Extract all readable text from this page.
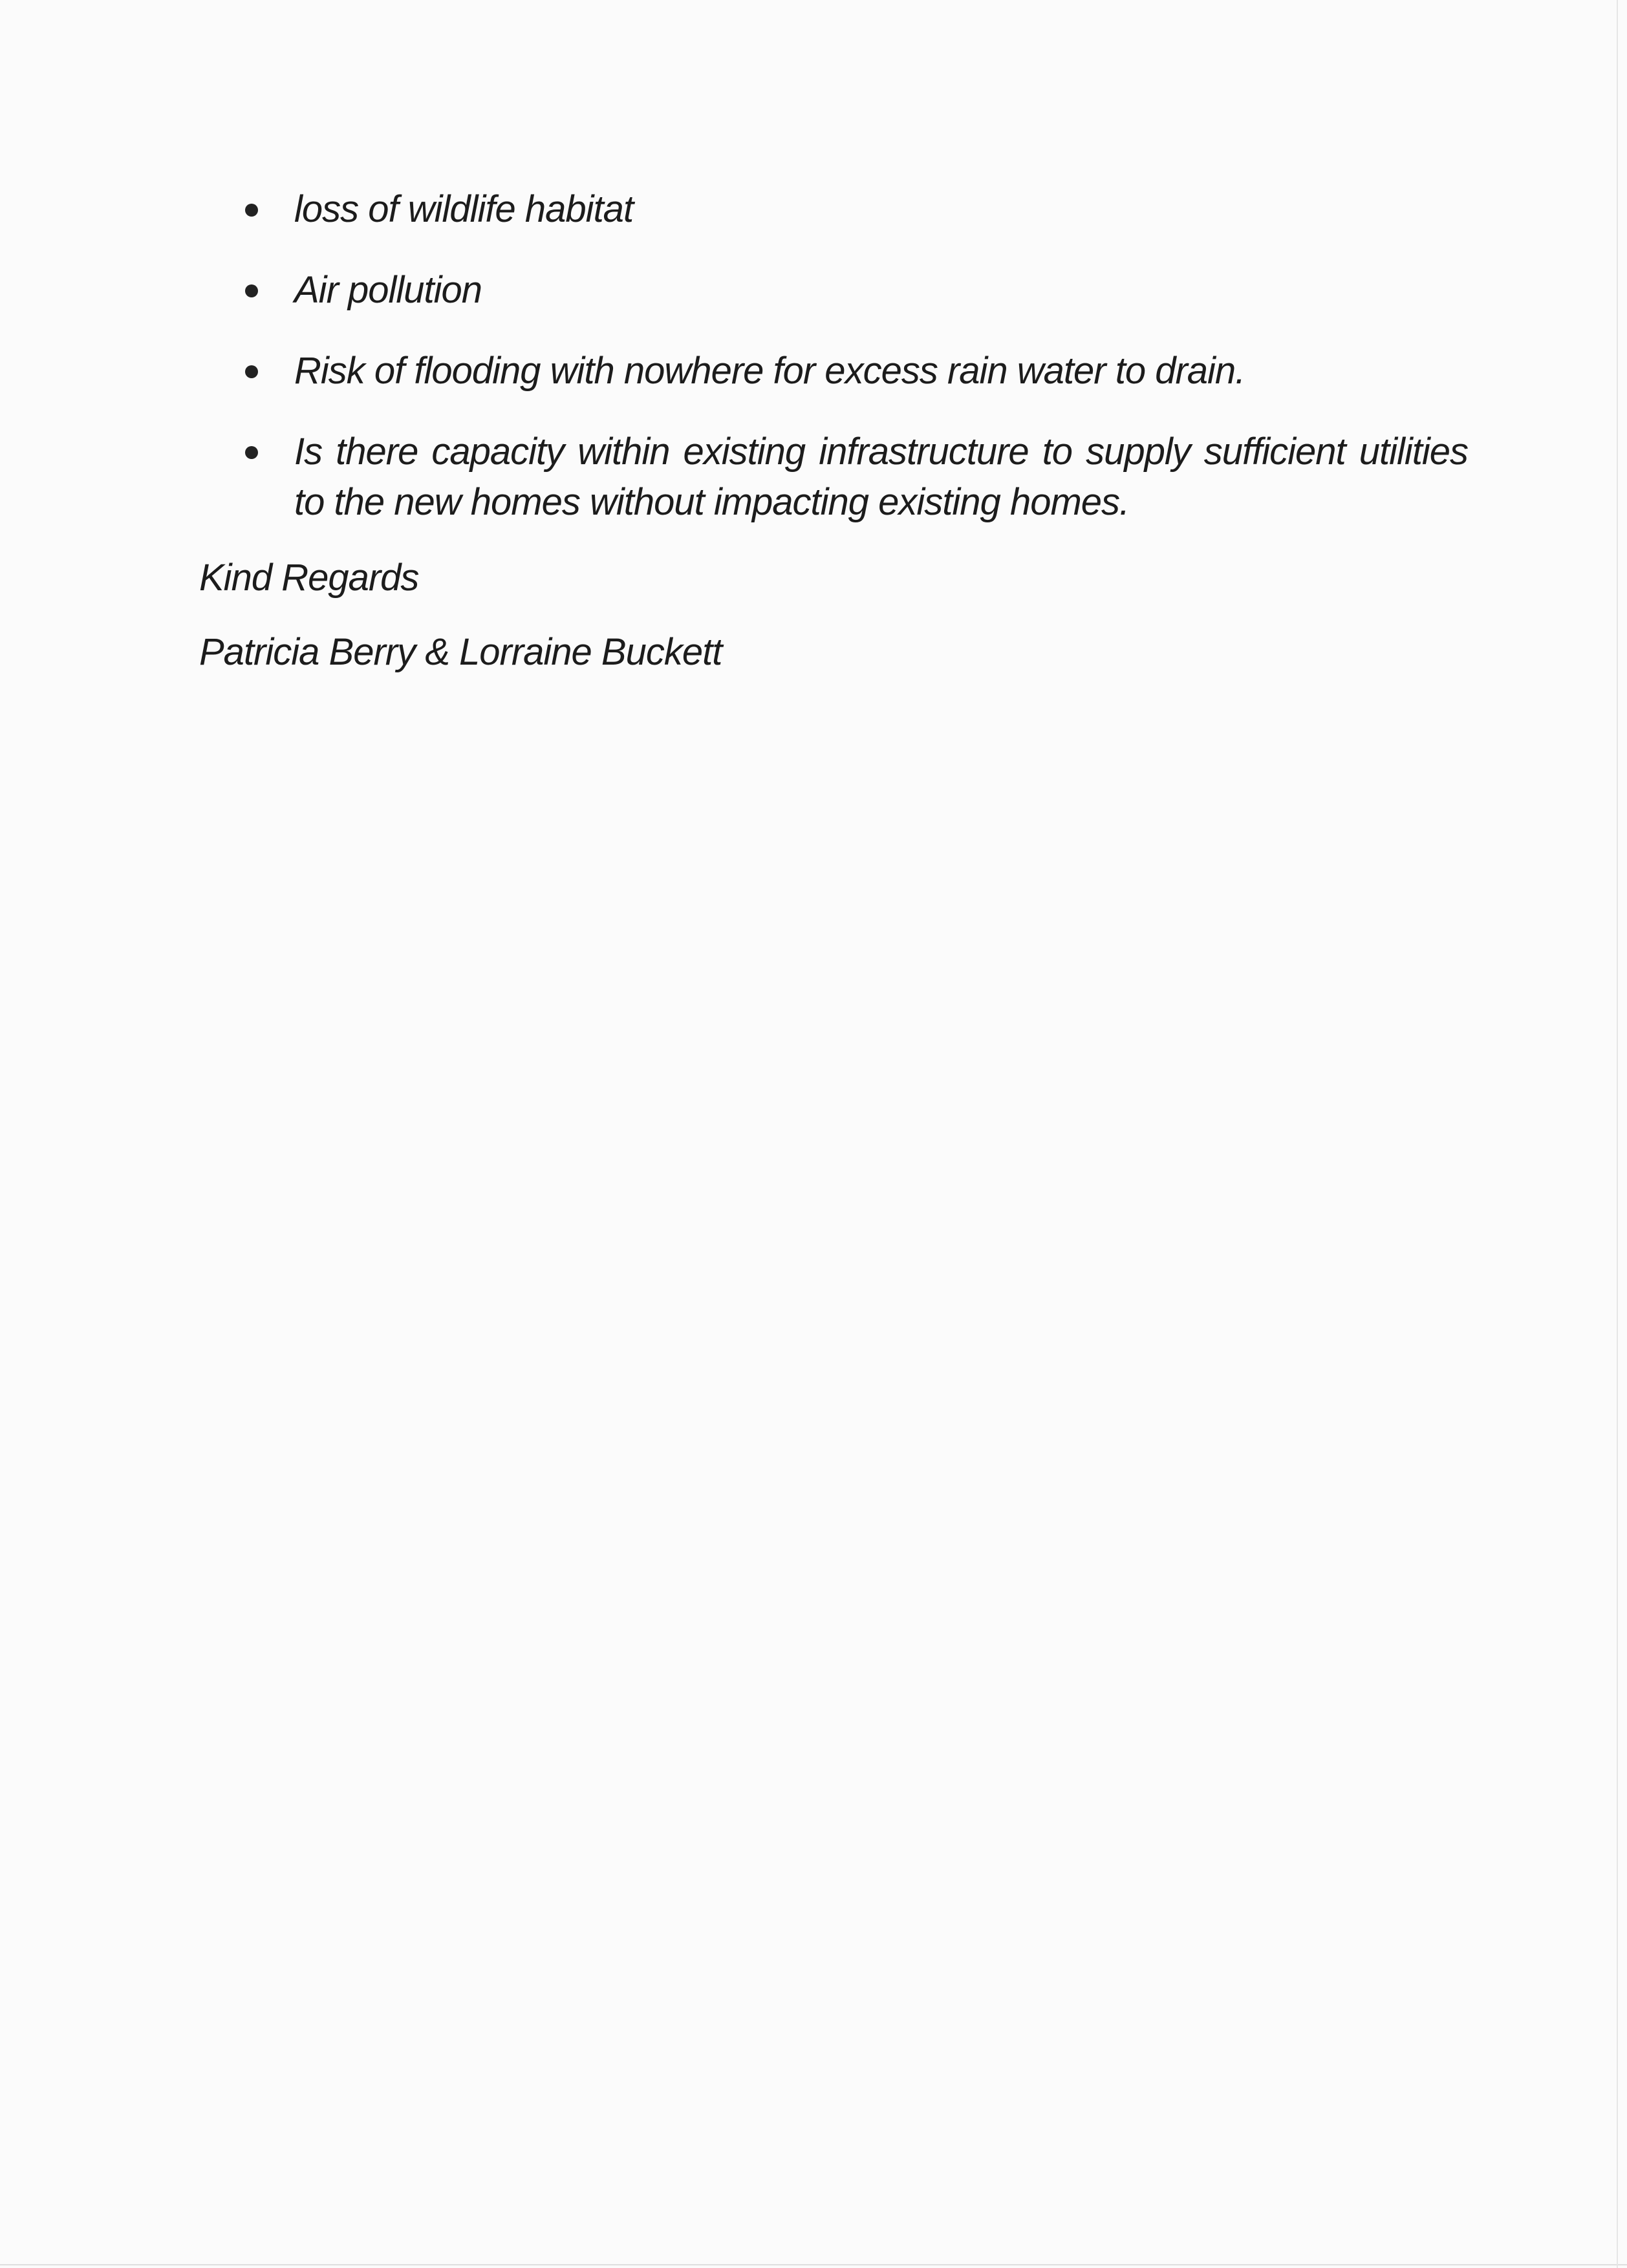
loss of wildlife habitat
Air pollution
Risk of flooding with nowhere for excess rain water to drain.
Is there capacity within existing infrastructure to supply sufficient utilities to the new homes without impacting existing homes.
Kind Regards
Patricia Berry & Lorraine Buckett
